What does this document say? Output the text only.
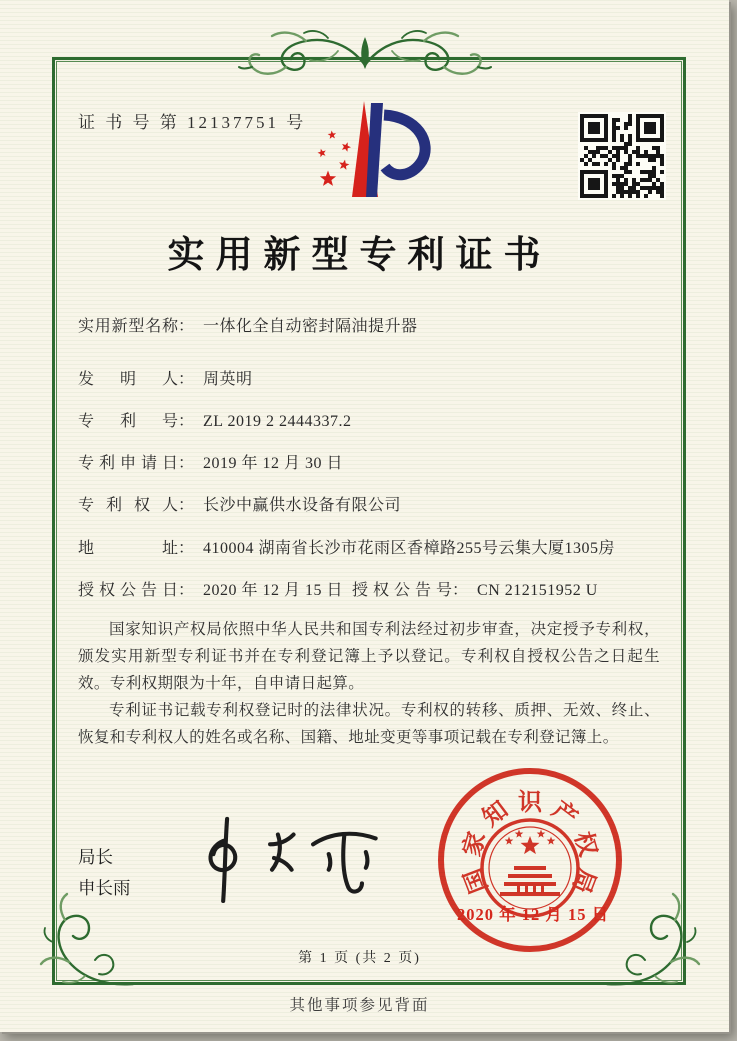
证 书 号 第 12137751 号
实用新型专利证书
实用新型名称： 一体化全自动密封隔油提升器
发明人： 周英明
专利号： ZL 2019 2 2444337.2
专利申请日： 2019 年 12 月 30 日
专利权人： 长沙中赢供水设备有限公司
地址： 410004 湖南省长沙市花雨区香樟路255号云集大厦1305房
授权公告日： 2020 年 12 月 15 日 授权公告号： CN 212151952 U

国家知识产权局依照中华人民共和国专利法经过初步审查，决定授予专利权，颁发实用新型专利证书并在专利登记簿上予以登记。专利权自授权公告之日起生效。专利权期限为十年，自申请日起算。

专利证书记载专利权登记时的法律状况。专利权的转移、质押、无效、终止、恢复和专利权人的姓名或名称、国籍、地址变更等事项记载在专利登记簿上。

局长
申长雨	国
家
知 识 产
权
局
2020 年 12 月 15 日
第 1 页 (共 2 页)
其他事项参见背面
